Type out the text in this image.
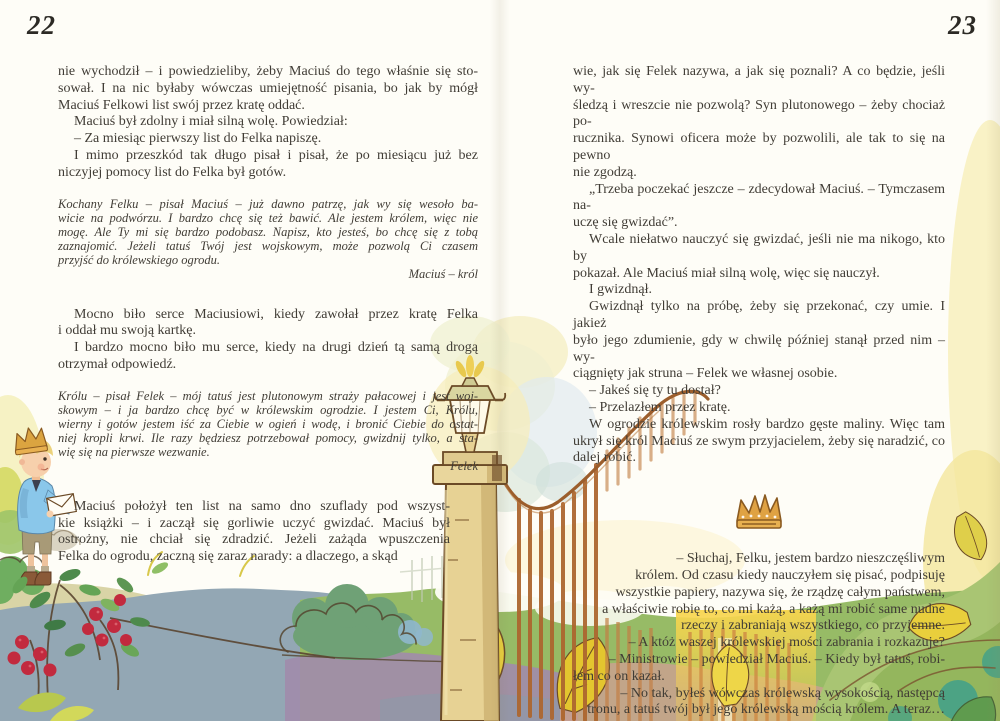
22	23
nie wychodził – i powiedzieliby, żeby Maciuś do tego właśnie się sto-
sował. I na nic byłaby wówczas umiejętność pisania, bo jak by mógł
Maciuś Felkowi list swój przez kratę oddać.
Maciuś był zdolny i miał silną wolę. Powiedział:
– Za miesiąc pierwszy list do Felka napiszę.
I mimo przeszkód tak długo pisał i pisał, że po miesiącu już bez
niczyjej pomocy list do Felka był gotów.
Kochany Felku – pisał Maciuś – już dawno patrzę, jak wy się wesoło ba-
wicie na podwórzu. I bardzo chcę się też bawić. Ale jestem królem, więc nie
mogę. Ale Ty mi się bardzo podobasz. Napisz, kto jesteś, bo chcę się z tobą
zaznajomić. Jeżeli tatuś Twój jest wojskowym, może pozwolą Ci czasem
przyjść do królewskiego ogrodu.
Maciuś – król
Mocno biło serce Maciusiowi, kiedy zawołał przez kratę Felka
i oddał mu swoją kartkę.
I bardzo mocno biło mu serce, kiedy na drugi dzień tą samą drogą
otrzymał odpowiedź.
Królu – pisał Felek – mój tatuś jest plutonowym straży pałacowej i jest woj-
skowym – i ja bardzo chcę być w królewskim ogrodzie. I jestem Ci, Królu,
wierny i gotów jestem iść za Ciebie w ogień i wodę, i bronić Ciebie do ostat-
niej kropli krwi. Ile razy będziesz potrzebował pomocy, gwizdnij tylko, a sta-
wię się na pierwsze wezwanie.
Felek
Maciuś położył ten list na samo dno szuflady pod wszyst-
kie książki – i zaczął się gorliwie uczyć gwizdać. Maciuś był
ostrożny, nie chciał się zdradzić. Jeżeli zażąda wpuszczenia
Felka do ogrodu, zaczną się zaraz narady: a dlaczego, a skąd
wie, jak się Felek nazywa, a jak się poznali? A co będzie, jeśli wy-
śledzą i wreszcie nie pozwolą? Syn plutonowego – żeby chociaż po-
rucznika. Synowi oficera może by pozwolili, ale tak to się na pewno
nie zgodzą.
„Trzeba poczekać jeszcze – zdecydował Maciuś. – Tymczasem na-
uczę się gwizdać”.
Wcale niełatwo nauczyć się gwizdać, jeśli nie ma nikogo, kto by
pokazał. Ale Maciuś miał silną wolę, więc się nauczył.
I gwizdnął.
Gwizdnął tylko na próbę, żeby się przekonać, czy umie. I jakież
było jego zdumienie, gdy w chwilę później stanął przed nim – wy-
ciągnięty jak struna – Felek we własnej osobie.
– Jakeś się ty tu dostał?
– Przelazłem przez kratę.
W ogrodzie królewskim rosły bardzo gęste maliny. Więc tam
ukrył się król Maciuś ze swym przyjacielem, żeby się naradzić, co
dalej robić.
– Słuchaj, Felku, jestem bardzo nieszczęśliwym
królem. Od czasu kiedy nauczyłem się pisać, podpisuję
wszystkie papiery, nazywa się, że rządzę całym państwem,
a właściwie robię to, co mi każą, a każą mi robić same nudne
rzeczy i zabraniają wszystkiego, co przyjemne.
– A któż waszej królewskiej mości zabrania i rozkazuje?
– Ministrowie – powiedział Maciuś. – Kiedy był tatuś, robi-
łem co on kazał.
– No tak, byłeś wówczas królewską wysokością, następcą
tronu, a tatuś twój był jego królewską mością królem. A teraz…
